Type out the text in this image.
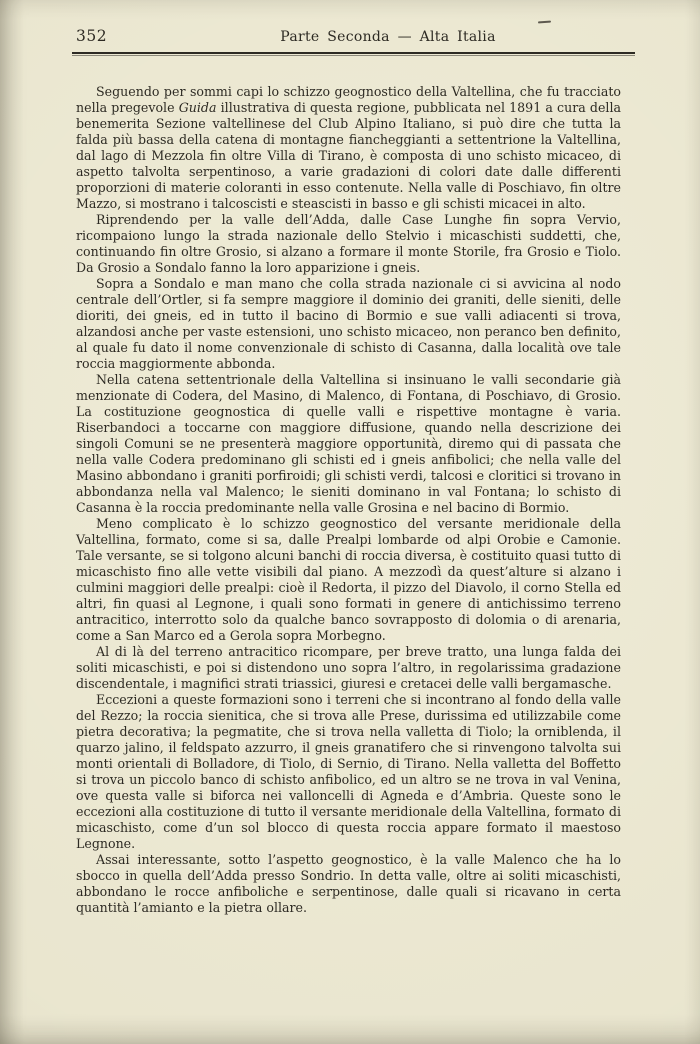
352	Parte Seconda — Alta Italia

Seguendo per sommi capi lo schizzo geognostico della Valtellina, che fu tracciato nella pregevole Guida illustrativa di questa regione, pubblicata nel 1891 a cura della benemerita Sezione valtellinese del Club Alpino Italiano, si può dire che tutta la falda più bassa della catena di montagne fiancheggianti a settentrione la Valtellina, dal lago di Mezzola fin oltre Villa di Tirano, è composta di uno schisto micaceo, di aspetto talvolta serpentinoso, a varie gradazioni di colori date dalle differenti proporzioni di materie coloranti in esso contenute. Nella valle di Poschiavo, fin oltre Mazzo, si mostrano i talcoscisti e steascisti in basso e gli schisti micacei in alto.

Riprendendo per la valle dell’Adda, dalle Case Lunghe fin sopra Vervio, ricompaiono lungo la strada nazionale dello Stelvio i micaschisti suddetti, che, continuando fin oltre Grosio, si alzano a formare il monte Storile, fra Grosio e Tiolo. Da Grosio a Sondalo fanno la loro apparizione i gneis.

Sopra a Sondalo e man mano che colla strada nazionale ci si avvicina al nodo centrale dell’Ortler, si fa sempre maggiore il dominio dei graniti, delle sieniti, delle dioriti, dei gneis, ed in tutto il bacino di Bormio e sue valli adiacenti si trova, alzandosi anche per vaste estensioni, uno schisto micaceo, non peranco ben definito, al quale fu dato il nome convenzionale di schisto di Casanna, dalla località ove tale roccia maggiormente abbonda.

Nella catena settentrionale della Valtellina si insinuano le valli secondarie già menzionate di Codera, del Masino, di Malenco, di Fontana, di Poschiavo, di Grosio. La costituzione geognostica di quelle valli e rispettive montagne è varia. Riserbandoci a toccarne con maggiore diffusione, quando nella descrizione dei singoli Comuni se ne presenterà maggiore opportunità, diremo qui di passata che nella valle Codera predominano gli schisti ed i gneis anfibolici; che nella valle del Masino abbondano i graniti porfiroidi; gli schisti verdi, talcosi e cloritici si trovano in abbondanza nella val Malenco; le sieniti dominano in val Fontana; lo schisto di Casanna è la roccia predominante nella valle Grosina e nel bacino di Bormio.

Meno complicato è lo schizzo geognostico del versante meridionale della Valtellina, formato, come si sa, dalle Prealpi lombarde od alpi Orobie e Camonie. Tale versante, se si tolgono alcuni banchi di roccia diversa, è costituito quasi tutto di micaschisto fino alle vette visibili dal piano. A mezzodì da quest’alture si alzano i culmini maggiori delle prealpi: cioè il Redorta, il pizzo del Diavolo, il corno Stella ed altri, fin quasi al Legnone, i quali sono formati in genere di antichissimo terreno antracitico, interrotto solo da qualche banco sovrapposto di dolomia o di arenaria, come a San Marco ed a Gerola sopra Morbegno.

Al di là del terreno antracitico ricompare, per breve tratto, una lunga falda dei soliti micaschisti, e poi si distendono uno sopra l’altro, in regolarissima gradazione discendentale, i magnifici strati triassici, giuresi e cretacei delle valli bergamasche.

Eccezioni a queste formazioni sono i terreni che si incontrano al fondo della valle del Rezzo; la roccia sienitica, che si trova alle Prese, durissima ed utilizzabile come pietra decorativa; la pegmatite, che si trova nella valletta di Tiolo; la orniblenda, il quarzo jalino, il feldspato azzurro, il gneis granatifero che si rinvengono talvolta sui monti orientali di Bolladore, di Tiolo, di Sernio, di Tirano. Nella valletta del Boffetto si trova un piccolo banco di schisto anfibolico, ed un altro se ne trova in val Venina, ove questa valle si biforca nei valloncelli di Agneda e d’Ambria. Queste sono le eccezioni alla costituzione di tutto il versante meridionale della Valtellina, formato di micaschisto, come d’un sol blocco di questa roccia appare formato il maestoso Legnone.

Assai interessante, sotto l’aspetto geognostico, è la valle Malenco che ha lo sbocco in quella dell’Adda presso Sondrio. In detta valle, oltre ai soliti micaschisti, abbondano le rocce anfiboliche e serpentinose, dalle quali si ricavano in certa quantità l’amianto e la pietra ollare.
